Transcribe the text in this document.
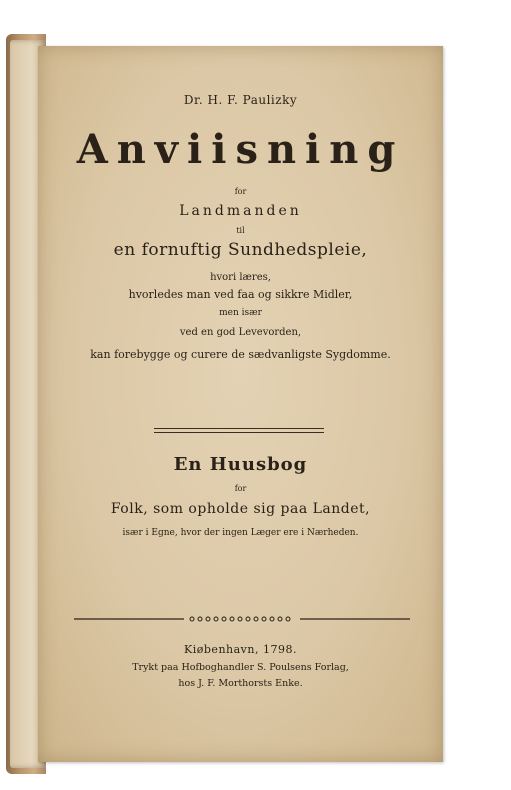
Dr. H. F. Paulizky
Anviisning
for
Landmanden
til
en fornuftig Sundhedspleie,
hvori læres,
hvorledes man ved faa og sikkre Midler,
men især
ved en god Levevorden,
kan forebygge og curere de sædvanligste Sygdomme.
En Huusbog
for
Folk, som opholde sig paa Landet,
især i Egne, hvor der ingen Læger ere i Nærheden.
Kiøbenhavn, 1798.
Trykt paa Hofboghandler S. Poulsens Forlag,
hos J. F. Morthorsts Enke.
